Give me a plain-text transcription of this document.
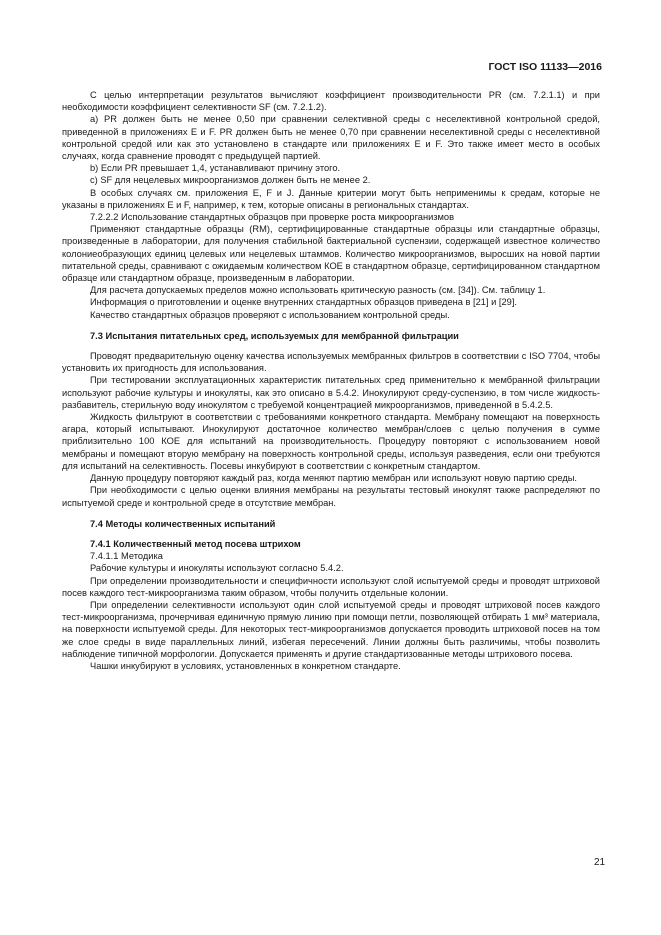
ГОСТ ISO 11133—2016

С целью интерпретации результатов вычисляют коэффициент производительности PR (см. 7.2.1.1) и при необходимости коэффициент селективности SF (см. 7.2.1.2).

а) PR должен быть не менее 0,50 при сравнении селективной среды с неселективной контрольной средой, приведенной в приложениях E и F. PR должен быть не менее 0,70 при сравнении неселективной среды с неселективной контрольной средой или как это установлено в стандарте или приложениях E и F. Это также имеет место в особых случаях, когда сравнение проводят с предыдущей партией.

b) Если PR превышает 1,4, устанавливают причину этого.

c) SF для нецелевых микроорганизмов должен быть не менее 2.

В особых случаях см. приложения E, F и J. Данные критерии могут быть неприменимы к средам, которые не указаны в приложениях E и F, например, к тем, которые описаны в региональных стандартах.

7.2.2.2 Использование стандартных образцов при проверке роста микроорганизмов

Применяют стандартные образцы (RM), сертифицированные стандартные образцы или стандартные образцы, произведенные в лаборатории, для получения стабильной бактериальной суспензии, содержащей известное количество колониеобразующих единиц целевых или нецелевых штаммов. Количество микроорганизмов, выросших на новой партии питательной среды, сравнивают с ожидаемым количеством КОЕ в стандартном образце, сертифицированном стандартном образце или стандартном образце, произведенным в лаборатории.

Для расчета допускаемых пределов можно использовать критическую разность (см. [34]). См. таблицу 1.

Информация о приготовлении и оценке внутренних стандартных образцов приведена в [21] и [29].

Качество стандартных образцов проверяют с использованием контрольной среды.

7.3 Испытания питательных сред, используемых для мембранной фильтрации

Проводят предварительную оценку качества используемых мембранных фильтров в соответствии с ISO 7704, чтобы установить их пригодность для использования.

При тестировании эксплуатационных характеристик питательных сред применительно к мембранной фильтрации используют рабочие культуры и инокуляты, как это описано в 5.4.2. Инокулируют среду-суспензию, в том числе жидкость-разбавитель, стерильную воду инокулятом с требуемой концентрацией микроорганизмов, приведенной в 5.4.2.5.

Жидкость фильтруют в соответствии с требованиями конкретного стандарта. Мембрану помещают на поверхность агара, который испытывают. Инокулируют достаточное количество мембран/слоев с целью получения в сумме приблизительно 100 КОЕ для испытаний на производительность. Процедуру повторяют с использованием новой мембраны и помещают вторую мембрану на поверхность контрольной среды, используя разведения, если они требуются для испытаний на селективность. Посевы инкубируют в соответствии с конкретным стандартом.

Данную процедуру повторяют каждый раз, когда меняют партию мембран или используют новую партию среды.

При необходимости с целью оценки влияния мембраны на результаты тестовый инокулят также распределяют по испытуемой среде и контрольной среде в отсутствие мембран.

7.4 Методы количественных испытаний

7.4.1 Количественный метод посева штрихом

7.4.1.1 Методика

Рабочие культуры и инокуляты используют согласно 5.4.2.

При определении производительности и специфичности используют слой испытуемой среды и проводят штриховой посев каждого тест-микроорганизма таким образом, чтобы получить отдельные колонии.

При определении селективности используют один слой испытуемой среды и проводят штриховой посев каждого тест-микроорганизма, прочерчивая единичную прямую линию при помощи петли, позволяющей отбирать 1 мм³ материала, на поверхности испытуемой среды. Для некоторых тест-микроорганизмов допускается проводить штриховой посев на том же слое среды в виде параллельных линий, избегая пересечений. Линии должны быть различимы, чтобы позволить наблюдение типичной морфологии. Допускается применять и другие стандартизованные методы штрихового посева.

Чашки инкубируют в условиях, установленных в конкретном стандарте.

21
